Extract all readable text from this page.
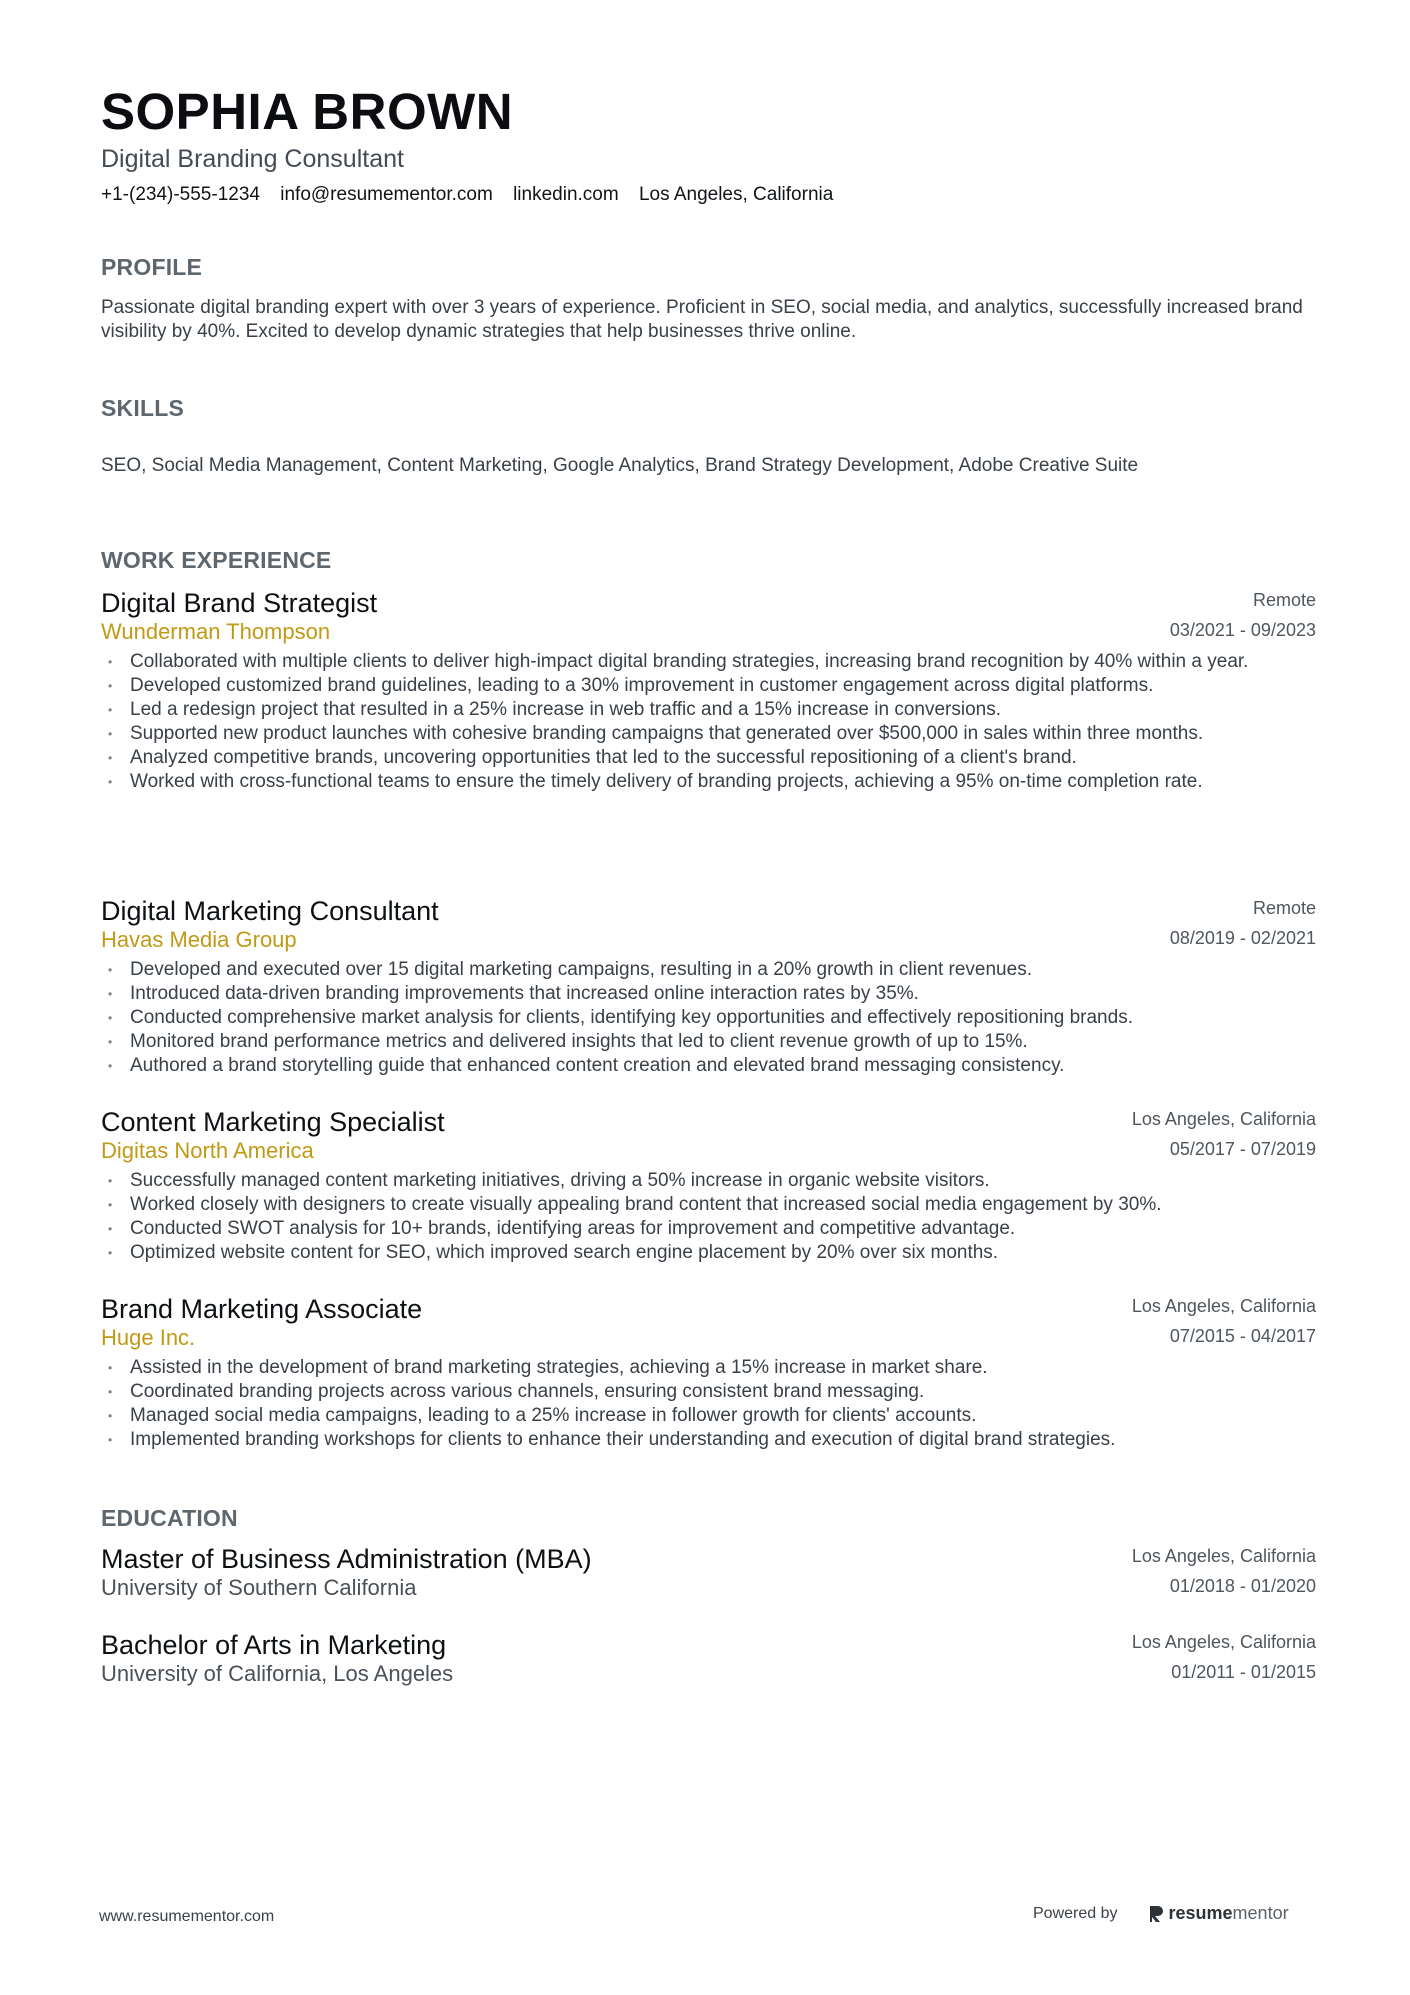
SOPHIA BROWN
Digital Branding Consultant
+1-(234)-555-1234 info@resumementor.com linkedin.com Los Angeles, California
PROFILE
Passionate digital branding expert with over 3 years of experience. Proficient in SEO, social media, and analytics, successfully increased brand visibility by 40%. Excited to develop dynamic strategies that help businesses thrive online.
SKILLS
SEO, Social Media Management, Content Marketing, Google Analytics, Brand Strategy Development, Adobe Creative Suite
WORK EXPERIENCE
Digital Brand Strategist
Wunderman Thompson
Remote
03/2021 - 09/2023
• Collaborated with multiple clients to deliver high-impact digital branding strategies, increasing brand recognition by 40% within a year.
• Developed customized brand guidelines, leading to a 30% improvement in customer engagement across digital platforms.
• Led a redesign project that resulted in a 25% increase in web traffic and a 15% increase in conversions.
• Supported new product launches with cohesive branding campaigns that generated over $500,000 in sales within three months.
• Analyzed competitive brands, uncovering opportunities that led to the successful repositioning of a client's brand.
• Worked with cross-functional teams to ensure the timely delivery of branding projects, achieving a 95% on-time completion rate.
Digital Marketing Consultant
Havas Media Group
Remote
08/2019 - 02/2021
• Developed and executed over 15 digital marketing campaigns, resulting in a 20% growth in client revenues.
• Introduced data-driven branding improvements that increased online interaction rates by 35%.
• Conducted comprehensive market analysis for clients, identifying key opportunities and effectively repositioning brands.
• Monitored brand performance metrics and delivered insights that led to client revenue growth of up to 15%.
• Authored a brand storytelling guide that enhanced content creation and elevated brand messaging consistency.
Content Marketing Specialist
Digitas North America
Los Angeles, California
05/2017 - 07/2019
• Successfully managed content marketing initiatives, driving a 50% increase in organic website visitors.
• Worked closely with designers to create visually appealing brand content that increased social media engagement by 30%.
• Conducted SWOT analysis for 10+ brands, identifying areas for improvement and competitive advantage.
• Optimized website content for SEO, which improved search engine placement by 20% over six months.
Brand Marketing Associate
Huge Inc.
Los Angeles, California
07/2015 - 04/2017
• Assisted in the development of brand marketing strategies, achieving a 15% increase in market share.
• Coordinated branding projects across various channels, ensuring consistent brand messaging.
• Managed social media campaigns, leading to a 25% increase in follower growth for clients' accounts.
• Implemented branding workshops for clients to enhance their understanding and execution of digital brand strategies.
EDUCATION
Master of Business Administration (MBA)
University of Southern California
Los Angeles, California
01/2018 - 01/2020
Bachelor of Arts in Marketing
University of California, Los Angeles
Los Angeles, California
01/2011 - 01/2015
www.resumementor.com	Powered by	resume mentor
